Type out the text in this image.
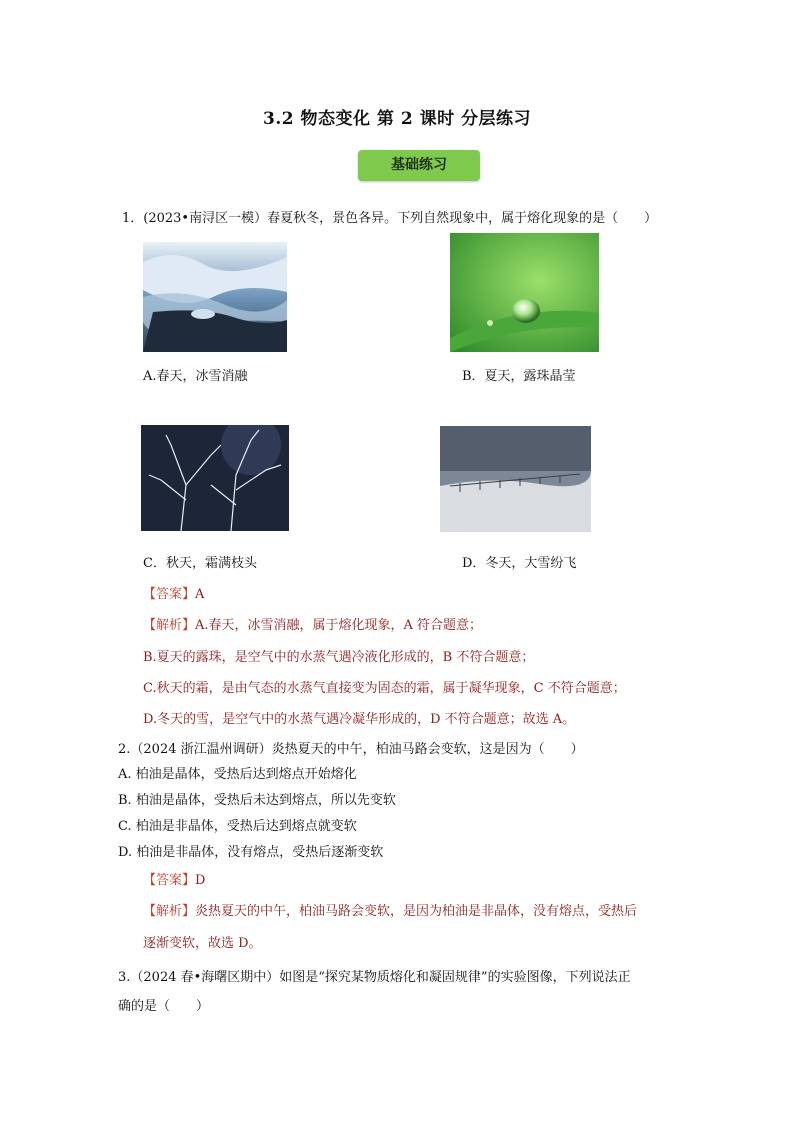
3.2 物态变化 第 2 课时 分层练习
基础练习
1．(2023•南浔区一模）春夏秋冬，景色各异。下列自然现象中，属于熔化现象的是（　　）
A.春天，冰雪消融	B．夏天，露珠晶莹
C．秋天，霜满枝头	D．冬天，大雪纷飞
【答案】A
【解析】A.春天，冰雪消融，属于熔化现象，A 符合题意；
B.夏天的露珠，是空气中的水蒸气遇冷液化形成的，B 不符合题意；
C.秋天的霜，是由气态的水蒸气直接变为固态的霜，属于凝华现象，C 不符合题意；
D.冬天的雪，是空气中的水蒸气遇冷凝华形成的，D 不符合题意；故选 A。
2.（2024 浙江温州调研）炎热夏天的中午，柏油马路会变软，这是因为（　　）
A. 柏油是晶体，受热后达到熔点开始熔化
B. 柏油是晶体，受热后未达到熔点，所以先变软
C. 柏油是非晶体，受热后达到熔点就变软
D. 柏油是非晶体，没有熔点，受热后逐渐变软
【答案】D
【解析】炎热夏天的中午，柏油马路会变软，是因为柏油是非晶体，没有熔点，受热后
逐渐变软，故选 D。
3.（2024 春•海曙区期中）如图是“探究某物质熔化和凝固规律”的实验图像，下列说法正
确的是（　　）
